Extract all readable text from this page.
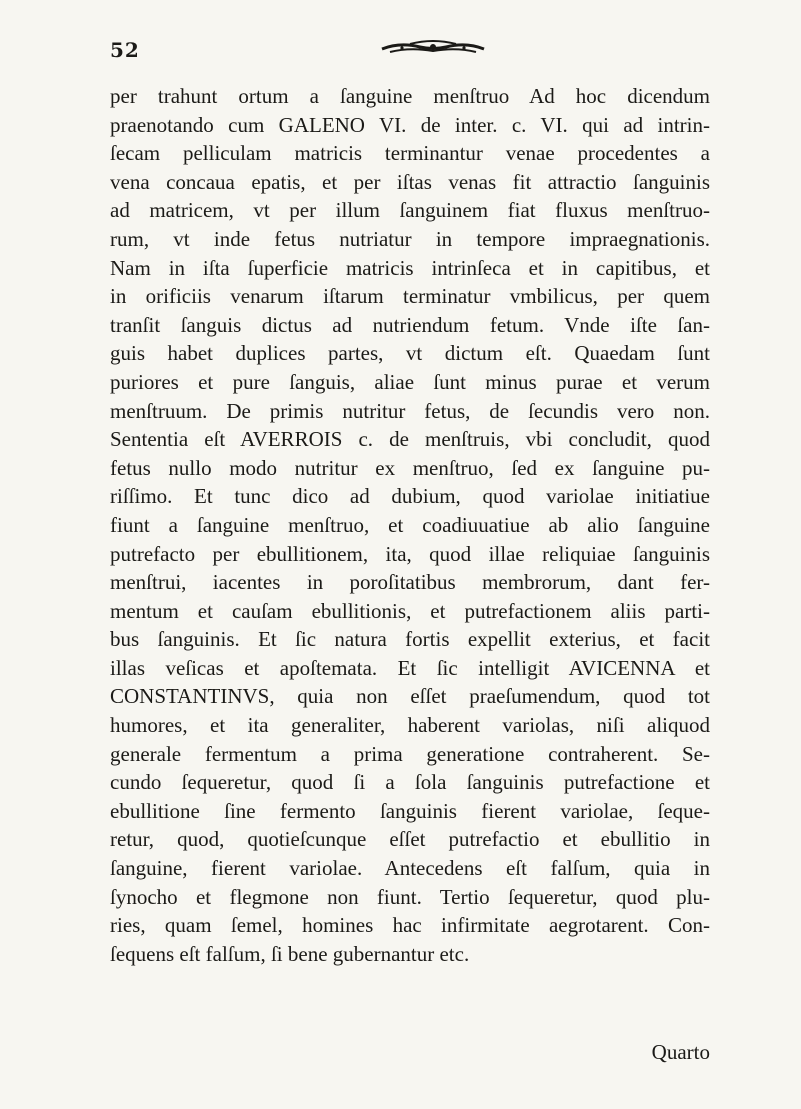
52
per trahunt ortum a ſanguine menſtruo Ad hoc dicendum
praenotando cum GALENO VI. de inter. c. VI. qui ad intrin-
ſecam pelliculam matricis terminantur venae procedentes a
vena concaua epatis, et per iſtas venas fit attractio ſanguinis
ad matricem, vt per illum ſanguinem fiat fluxus menſtruo-
rum, vt inde fetus nutriatur in tempore impraegnationis.
Nam in iſta ſuperficie matricis intrinſeca et in capitibus, et
in orificiis venarum iſtarum terminatur vmbilicus, per quem
tranſit ſanguis dictus ad nutriendum fetum. Vnde iſte ſan-
guis habet duplices partes, vt dictum eſt. Quaedam ſunt
puriores et pure ſanguis, aliae ſunt minus purae et verum
menſtruum. De primis nutritur fetus, de ſecundis vero non.
Sententia eſt AVERROIS c. de menſtruis, vbi concludit, quod
fetus nullo modo nutritur ex menſtruo, ſed ex ſanguine pu-
riſſimo. Et tunc dico ad dubium, quod variolae initiatiue
fiunt a ſanguine menſtruo, et coadiuuatiue ab alio ſanguine
putrefacto per ebullitionem, ita, quod illae reliquiae ſanguinis
menſtrui, iacentes in poroſitatibus membrorum, dant fer-
mentum et cauſam ebullitionis, et putrefactionem aliis parti-
bus ſanguinis. Et ſic natura fortis expellit exterius, et facit
illas veſicas et apoſtemata. Et ſic intelligit AVICENNA et
CONSTANTINVS, quia non eſſet praeſumendum, quod tot
humores, et ita generaliter, haberent variolas, niſi aliquod
generale fermentum a prima generatione contraherent. Se-
cundo ſequeretur, quod ſi a ſola ſanguinis putrefactione et
ebullitione ſine fermento ſanguinis fierent variolae, ſeque-
retur, quod, quotieſcunque eſſet putrefactio et ebullitio in
ſanguine, fierent variolae. Antecedens eſt falſum, quia in
ſynocho et flegmone non fiunt. Tertio ſequeretur, quod plu-
ries, quam ſemel, homines hac infirmitate aegrotarent. Con-
ſequens eſt falſum, ſi bene gubernantur etc.
Quarto
